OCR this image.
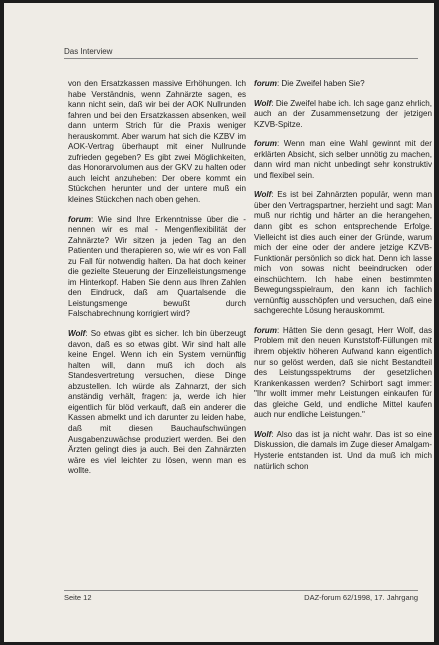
Das Interview

von den Ersatzkassen massive Erhöhungen. Ich habe Verständnis, wenn Zahnärzte sagen, es kann nicht sein, daß wir bei der AOK Nullrunden fahren und bei den Ersatzkassen absenken, weil dann unterm Strich für die Praxis weniger herauskommt. Aber warum hat sich die KZBV im AOK-Vertrag überhaupt mit einer Nullrunde zufrieden gegeben? Es gibt zwei Möglichkeiten, das Honorarvolumen aus der GKV zu halten oder auch leicht anzuheben: Der obere kommt ein Stückchen herunter und der untere muß ein kleines Stückchen nach oben gehen.

forum: Wie sind Ihre Erkenntnisse über die - nennen wir es mal - Mengenflexibilität der Zahnärzte? Wir sitzen ja jeden Tag an den Patienten und therapieren so, wie wir es von Fall zu Fall für notwendig halten. Da hat doch keiner die gezielte Steuerung der Einzelleistungsmenge im Hinterkopf. Haben Sie denn aus Ihren Zahlen den Eindruck, daß am Quartalsende die Leistungsmenge bewußt durch Falschabrechnung korrigiert wird?

Wolf: So etwas gibt es sicher. Ich bin überzeugt davon, daß es so etwas gibt. Wir sind halt alle keine Engel. Wenn ich ein System vernünftig halten will, dann muß ich doch als Standesvertretung versuchen, diese Dinge abzustellen. Ich würde als Zahnarzt, der sich anständig verhält, fragen: ja, werde ich hier eigentlich für blöd verkauft, daß ein anderer die Kassen abmelkt und ich darunter zu leiden habe, daß mit diesen Bauchaufschwüngen Ausgabenzuwächse produziert werden. Bei den Ärzten gelingt dies ja auch. Bei den Zahnärzten wäre es viel leichter zu lösen, wenn man es wollte.

forum: Die Zweifel haben Sie?

Wolf: Die Zweifel habe ich. Ich sage ganz ehrlich, auch an der Zusammensetzung der jetzigen KZVB-Spitze.

forum: Wenn man eine Wahl gewinnt mit der erklärten Absicht, sich selber unnötig zu machen, dann wird man nicht unbedingt sehr konstruktiv und flexibel sein.

Wolf: Es ist bei Zahnärzten populär, wenn man über den Vertragspartner, herzieht und sagt: Man muß nur richtig und härter an die herangehen, dann gibt es schon entsprechende Erfolge. Vielleicht ist dies auch einer der Gründe, warum mich der eine oder der andere jetzige KZVB-Funktionär persönlich so dick hat. Denn ich lasse mich von sowas nicht beeindrucken oder einschüchtern. Ich habe einen bestimmten Bewegungsspielraum, den kann ich fachlich vernünftig ausschöpfen und versuchen, daß eine sachgerechte Lösung herauskommt.

forum: Hätten Sie denn gesagt, Herr Wolf, das Problem mit den neuen Kunststoff-Füllungen mit ihrem objektiv höheren Aufwand kann eigentlich nur so gelöst werden, daß sie nicht Bestandteil des Leistungsspektrums der gesetzlichen Krankenkassen werden? Schirbort sagt immer: "Ihr wollt immer mehr Leistungen einkaufen für das gleiche Geld, und endliche Mittel kaufen auch nur endliche Leistungen."

Wolf: Also das ist ja nicht wahr. Das ist so eine Diskussion, die damals im Zuge dieser Amalgam-Hysterie entstanden ist. Und da muß ich mich natürlich schon

Seite 12	DAZ-forum 62/1998, 17. Jahrgang
